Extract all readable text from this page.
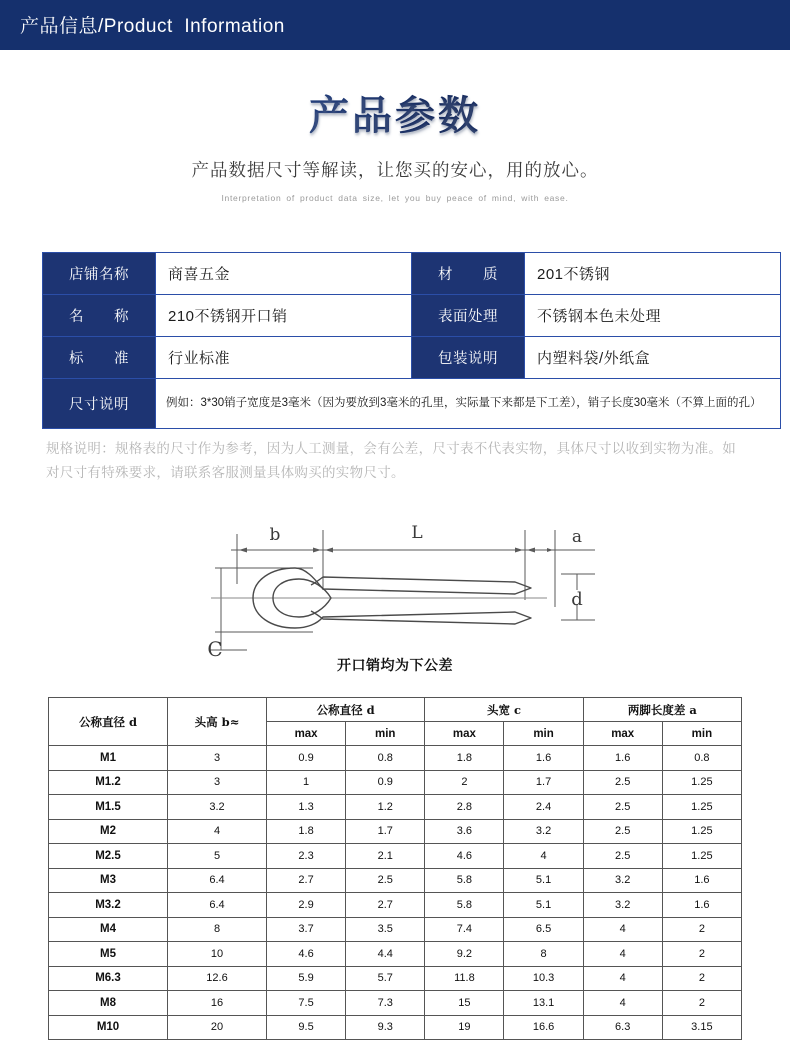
产品信息/Product  Information
产品参数
产品数据尺寸等解读，让您买的安心，用的放心。
Interpretation of product data size, let you buy peace of mind, with ease.
店铺名称	商喜五金	材　　质	201不锈钢
名　　称	210不锈钢开口销	表面处理	不锈钢本色未处理
标　　准	行业标准	包装说明	内塑料袋/外纸盒
尺寸说明	例如：3*30销子宽度是3毫米（因为要放到3毫米的孔里，实际量下来都是下工差），销子长度30毫米（不算上面的孔）		
规格说明：规格表的尺寸作为参考，因为人工测量，会有公差，尺寸表不代表实物，具体尺寸以收到实物为准。如对尺寸有特殊要求，请联系客服测量具体购买的实物尺寸。
b	L	a
C
d
开口销均为下公差
公称直径 d	头高 b≈	公称直径 d		头宽 c		两脚长度差 a	
		max	min	max	min	max	min
M1	3	0.9	0.8	1.8	1.6	1.6	0.8
M1.2	3	1	0.9	2	1.7	2.5	1.25
M1.5	3.2	1.3	1.2	2.8	2.4	2.5	1.25
M2	4	1.8	1.7	3.6	3.2	2.5	1.25
M2.5	5	2.3	2.1	4.6	4	2.5	1.25
M3	6.4	2.7	2.5	5.8	5.1	3.2	1.6
M3.2	6.4	2.9	2.7	5.8	5.1	3.2	1.6
M4	8	3.7	3.5	7.4	6.5	4	2
M5	10	4.6	4.4	9.2	8	4	2
M6.3	12.6	5.9	5.7	11.8	10.3	4	2
M8	16	7.5	7.3	15	13.1	4	2
M10	20	9.5	9.3	19	16.6	6.3	3.15
